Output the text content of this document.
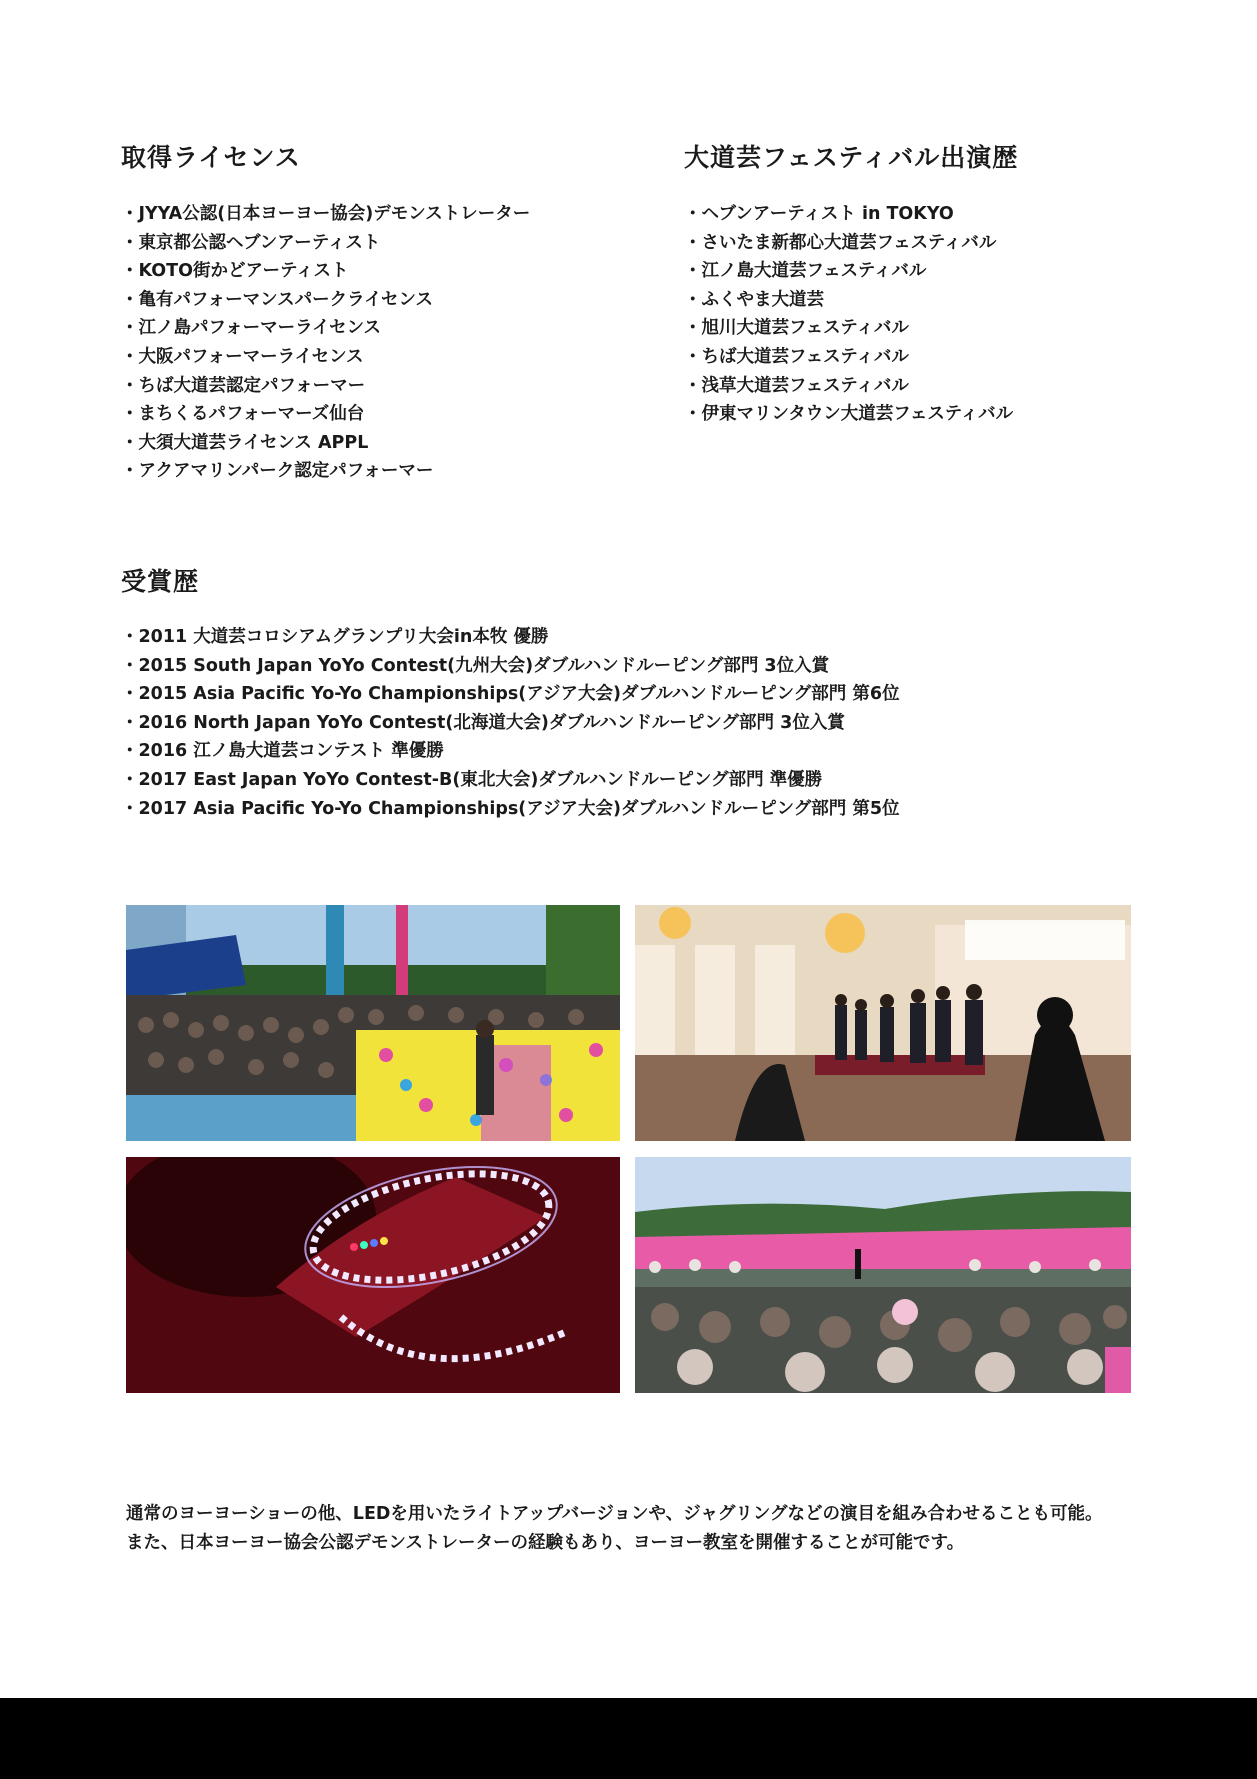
取得ライセンス
・ JYYA公認(日本ヨーヨー協会)デモンストレーター
・ 東京都公認ヘブンアーティスト
・ KOTO街かどアーティスト
・ 亀有パフォーマンスパークライセンス
・ 江ノ島パフォーマーライセンス
・ 大阪パフォーマーライセンス
・ ちば大道芸認定パフォーマー
・ まちくるパフォーマーズ仙台
・ 大須大道芸ライセンス APPL
・ アクアマリンパーク認定パフォーマー
大道芸フェスティバル出演歴
・ ヘブンアーティスト in TOKYO
・ さいたま新都心大道芸フェスティバル
・ 江ノ島大道芸フェスティバル
・ ふくやま大道芸
・ 旭川大道芸フェスティバル
・ ちば大道芸フェスティバル
・ 浅草大道芸フェスティバル
・ 伊東マリンタウン大道芸フェスティバル
受賞歴
・ 2011 大道芸コロシアムグランプリ大会in本牧 優勝
・ 2015 South Japan YoYo Contest(九州大会)ダブルハンドルーピング部門 3位入賞
・ 2015 Asia Pacific Yo-Yo Championships(アジア大会)ダブルハンドルーピング部門 第6位
・ 2016 North Japan YoYo Contest(北海道大会)ダブルハンドルーピング部門 3位入賞
・ 2016 江ノ島大道芸コンテスト 準優勝
・ 2017 East Japan YoYo Contest-B(東北大会)ダブルハンドルーピング部門 準優勝
・ 2017 Asia Pacific Yo-Yo Championships(アジア大会)ダブルハンドルーピング部門 第5位

通常のヨーヨーショーの他、LEDを用いたライトアップバージョンや、ジャグリングなどの演目を組み合わせることも可能。また、日本ヨーヨー協会公認デモンストレーターの経験もあり、ヨーヨー教室を開催することが可能です。
